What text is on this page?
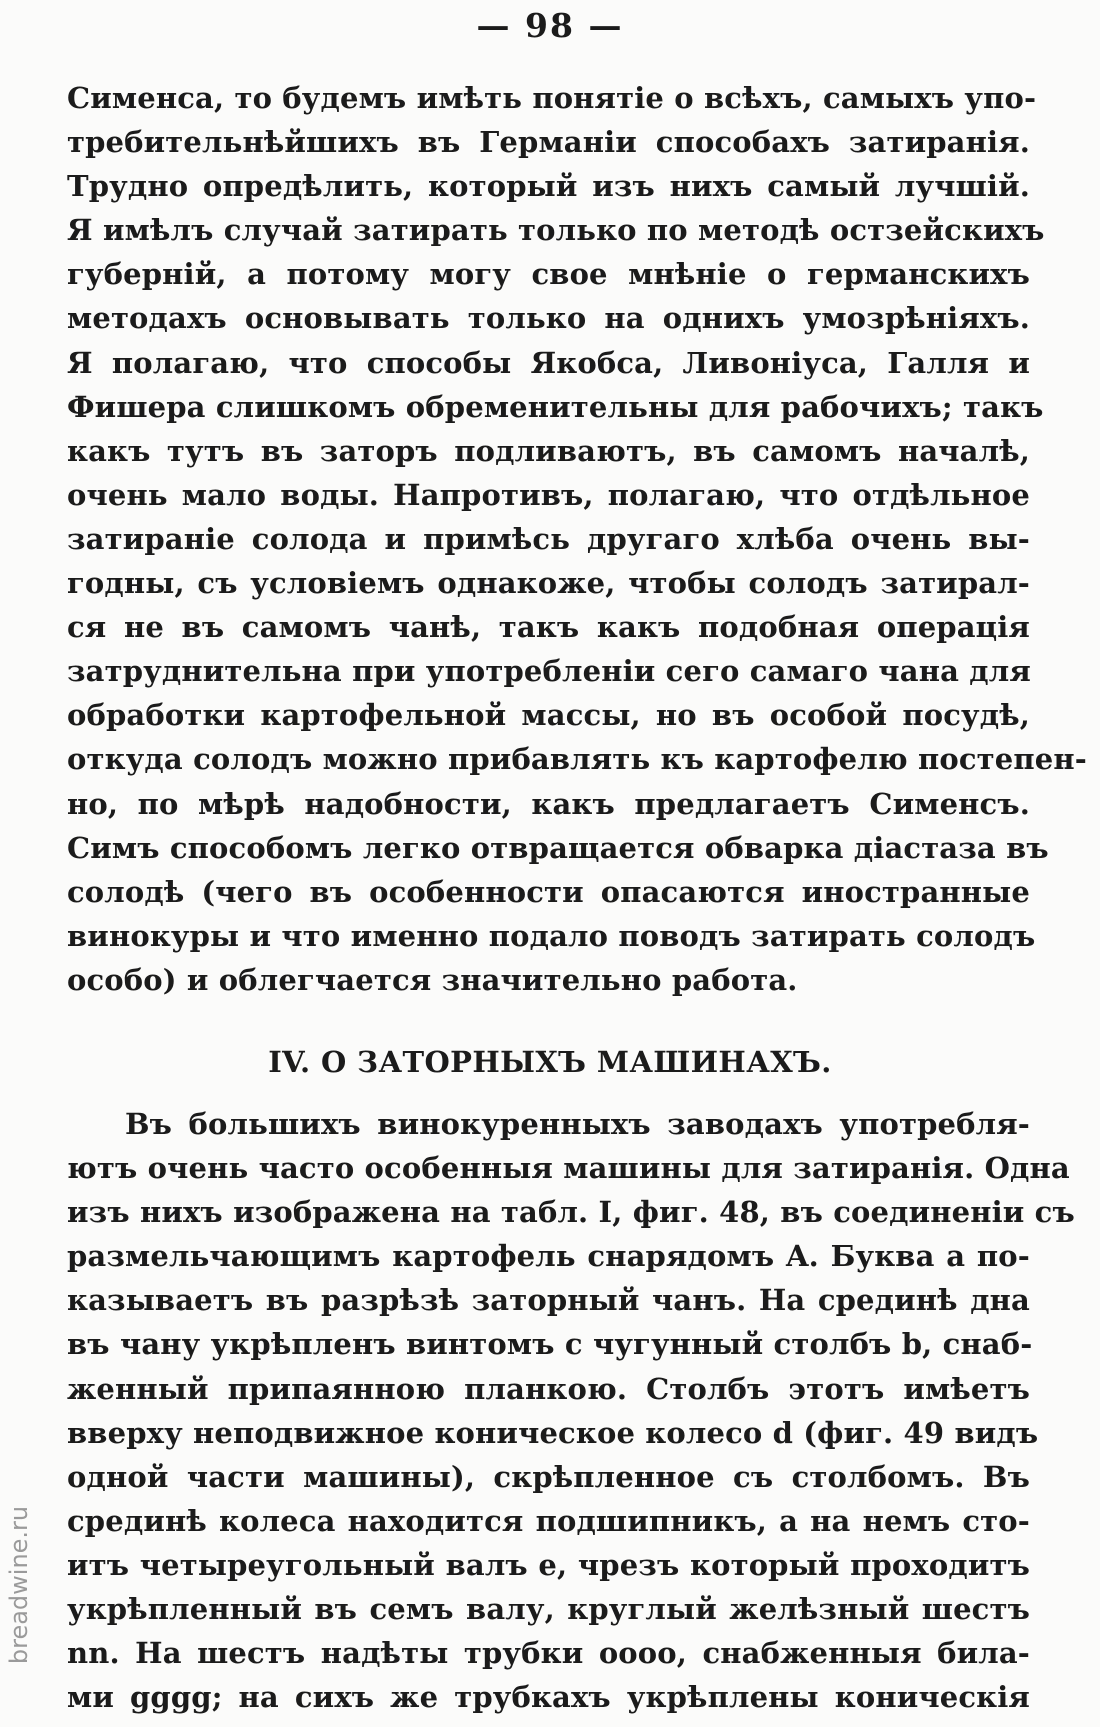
— 98 —
Сименса, то будемъ имѣть понятіе о всѣхъ, самыхъ упо-
требительнѣйшихъ въ Германіи способахъ затиранія.
Трудно опредѣлить, который изъ нихъ самый лучшій.
Я имѣлъ случай затирать только по методѣ остзейскихъ
губерній, а потому могу свое мнѣніе о германскихъ
методахъ основывать только на однихъ умозрѣніяхъ.
Я полагаю, что способы Якобса, Ливоніуса, Галля и
Фишера слишкомъ обременительны для рабочихъ; такъ
какъ тутъ въ заторъ подливаютъ, въ самомъ началѣ,
очень мало воды. Напротивъ, полагаю, что отдѣльное
затираніе солода и примѣсь другаго хлѣба очень вы-
годны, съ условіемъ однакожe, чтобы солодъ затирал-
ся не въ самомъ чанѣ, такъ какъ подобная операція
затруднительна при употребленіи сего самаго чана для
обработки картофельной массы, но въ особой посудѣ,
откуда солодъ можно прибавлять къ картофелю постепен-
но, по мѣрѣ надобности, какъ предлагаетъ Сименсъ.
Симъ способомъ легко отвращается обварка діастаза въ
солодѣ (чего въ особенности опасаются иностранные
винокуры и что именно подало поводъ затирать солодъ
особо) и облегчается значительно работа.
IV. О ЗАТОРНЫХЪ МАШИНАХЪ.
Въ большихъ винокуренныхъ заводахъ употребля-
ютъ очень часто особенныя машины для затиранія. Одна
изъ нихъ изображена на табл. I, фиг. 48, въ соединеніи съ
размельчающимъ картофель снарядомъ A. Буква a по-
казываетъ въ разрѣзѣ заторный чанъ. На срединѣ дна
въ чану укрѣпленъ винтомъ c чугунный столбъ b, снаб-
женный припаянною планкою. Столбъ этотъ имѣетъ
вверху неподвижное коническое колесо d (фиг. 49 видъ
одной части машины), скрѣпленное съ столбомъ. Въ
срединѣ колеса находится подшипникъ, а на немъ сто-
итъ четыреугольный валъ e, чрезъ который проходитъ
укрѣпленный въ семъ валу, круглый желѣзный шестъ
nn. На шестъ надѣты трубки oooo, снабженныя била-
ми gggg; на сихъ же трубкахъ укрѣплены коническія
breadwine.ru
